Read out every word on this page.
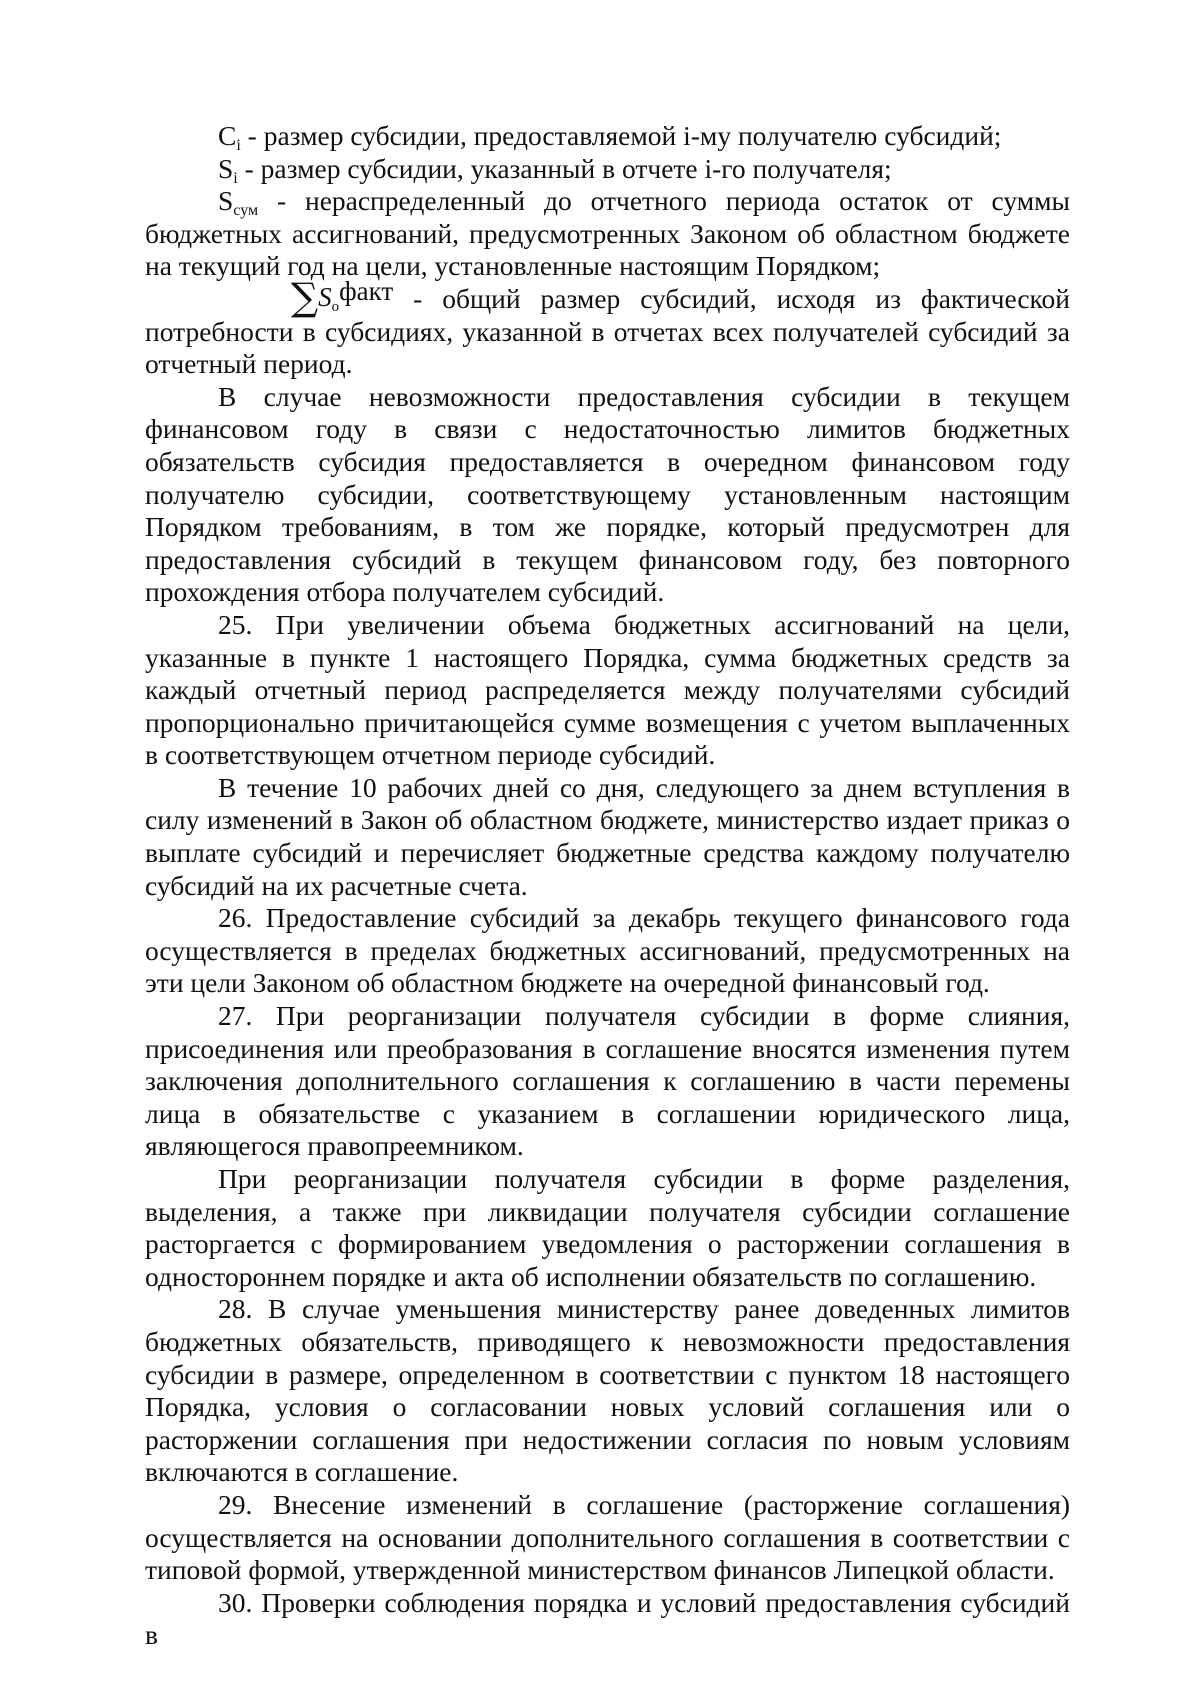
$C_i$ - размер субсидии, предоставляемой i-му получателю субсидий;

$S_i$ - размер субсидии, указанный в отчете i-го получателя;

$S_{сум}$ - нераспределенный до отчетного периода остаток от суммы бюджетных ассигнований, предусмотренных Законом об областном бюджете на текущий год на цели, установленные настоящим Порядком;

$\sum S_офакт$ - общий размер субсидий, исходя из фактической потребности в субсидиях, указанной в отчетах всех получателей субсидий за отчетный период.

В случае невозможности предоставления субсидии в текущем финансовом году в связи с недостаточностью лимитов бюджетных обязательств субсидия предоставляется в очередном финансовом году получателю субсидии, соответствующему установленным настоящим Порядком требованиям, в том же порядке, который предусмотрен для предоставления субсидий в текущем финансовом году, без повторного прохождения отбора получателем субсидий.

25. При увеличении объема бюджетных ассигнований на цели, указанные в пункте 1 настоящего Порядка, сумма бюджетных средств за каждый отчетный период распределяется между получателями субсидий пропорционально причитающейся сумме возмещения с учетом выплаченных в соответствующем отчетном периоде субсидий.

В течение 10 рабочих дней со дня, следующего за днем вступления в силу изменений в Закон об областном бюджете, министерство издает приказ о выплате субсидий и перечисляет бюджетные средства каждому получателю субсидий на их расчетные счета.

26. Предоставление субсидий за декабрь текущего финансового года осуществляется в пределах бюджетных ассигнований, предусмотренных на эти цели Законом об областном бюджете на очередной финансовый год.

27. При реорганизации получателя субсидии в форме слияния, присоединения или преобразования в соглашение вносятся изменения путем заключения дополнительного соглашения к соглашению в части перемены лица в обязательстве с указанием в соглашении юридического лица, являющегося правопреемником.

При реорганизации получателя субсидии в форме разделения, выделения, а также при ликвидации получателя субсидии соглашение расторгается с формированием уведомления о расторжении соглашения в одностороннем порядке и акта об исполнении обязательств по соглашению.

28. В случае уменьшения министерству ранее доведенных лимитов бюджетных обязательств, приводящего к невозможности предоставления субсидии в размере, определенном в соответствии с пунктом 18 настоящего Порядка, условия о согласовании новых условий соглашения или о расторжении соглашения при недостижении согласия по новым условиям включаются в соглашение.

29. Внесение изменений в соглашение (расторжение соглашения) осуществляется на основании дополнительного соглашения в соответствии с типовой формой, утвержденной министерством финансов Липецкой области.

30. Проверки соблюдения порядка и условий предоставления субсидий в
